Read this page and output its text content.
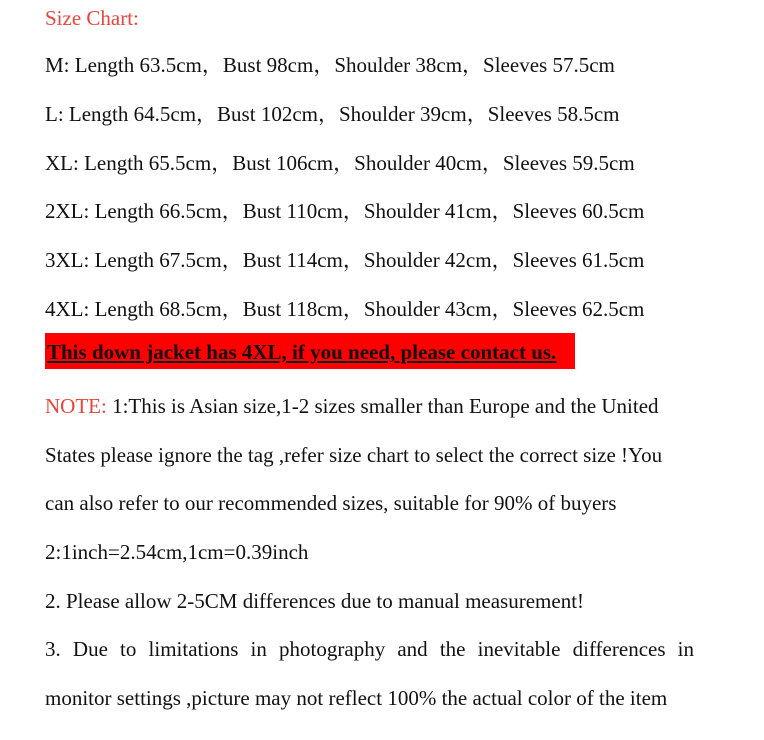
Size Chart:
M: Length 63.5cm，Bust 98cm，Shoulder 38cm，Sleeves 57.5cm
L: Length 64.5cm，Bust 102cm，Shoulder 39cm，Sleeves 58.5cm
XL: Length 65.5cm，Bust 106cm，Shoulder 40cm，Sleeves 59.5cm
2XL: Length 66.5cm，Bust 110cm，Shoulder 41cm，Sleeves 60.5cm
3XL: Length 67.5cm，Bust 114cm，Shoulder 42cm，Sleeves 61.5cm
4XL: Length 68.5cm，Bust 118cm，Shoulder 43cm，Sleeves 62.5cm
This down jacket has 4XL, if you need, please contact us.
NOTE: 1:This is Asian size,1-2 sizes smaller than Europe and the United
States please ignore the tag ,refer size chart to select the correct size !You
can also refer to our recommended sizes, suitable for 90% of buyers
2:1inch=2.54cm,1cm=0.39inch
2. Please allow 2-5CM differences due to manual measurement!
3. Due to limitations in photography and the inevitable differences in
monitor settings ,picture may not reflect 100% the actual color of the item
